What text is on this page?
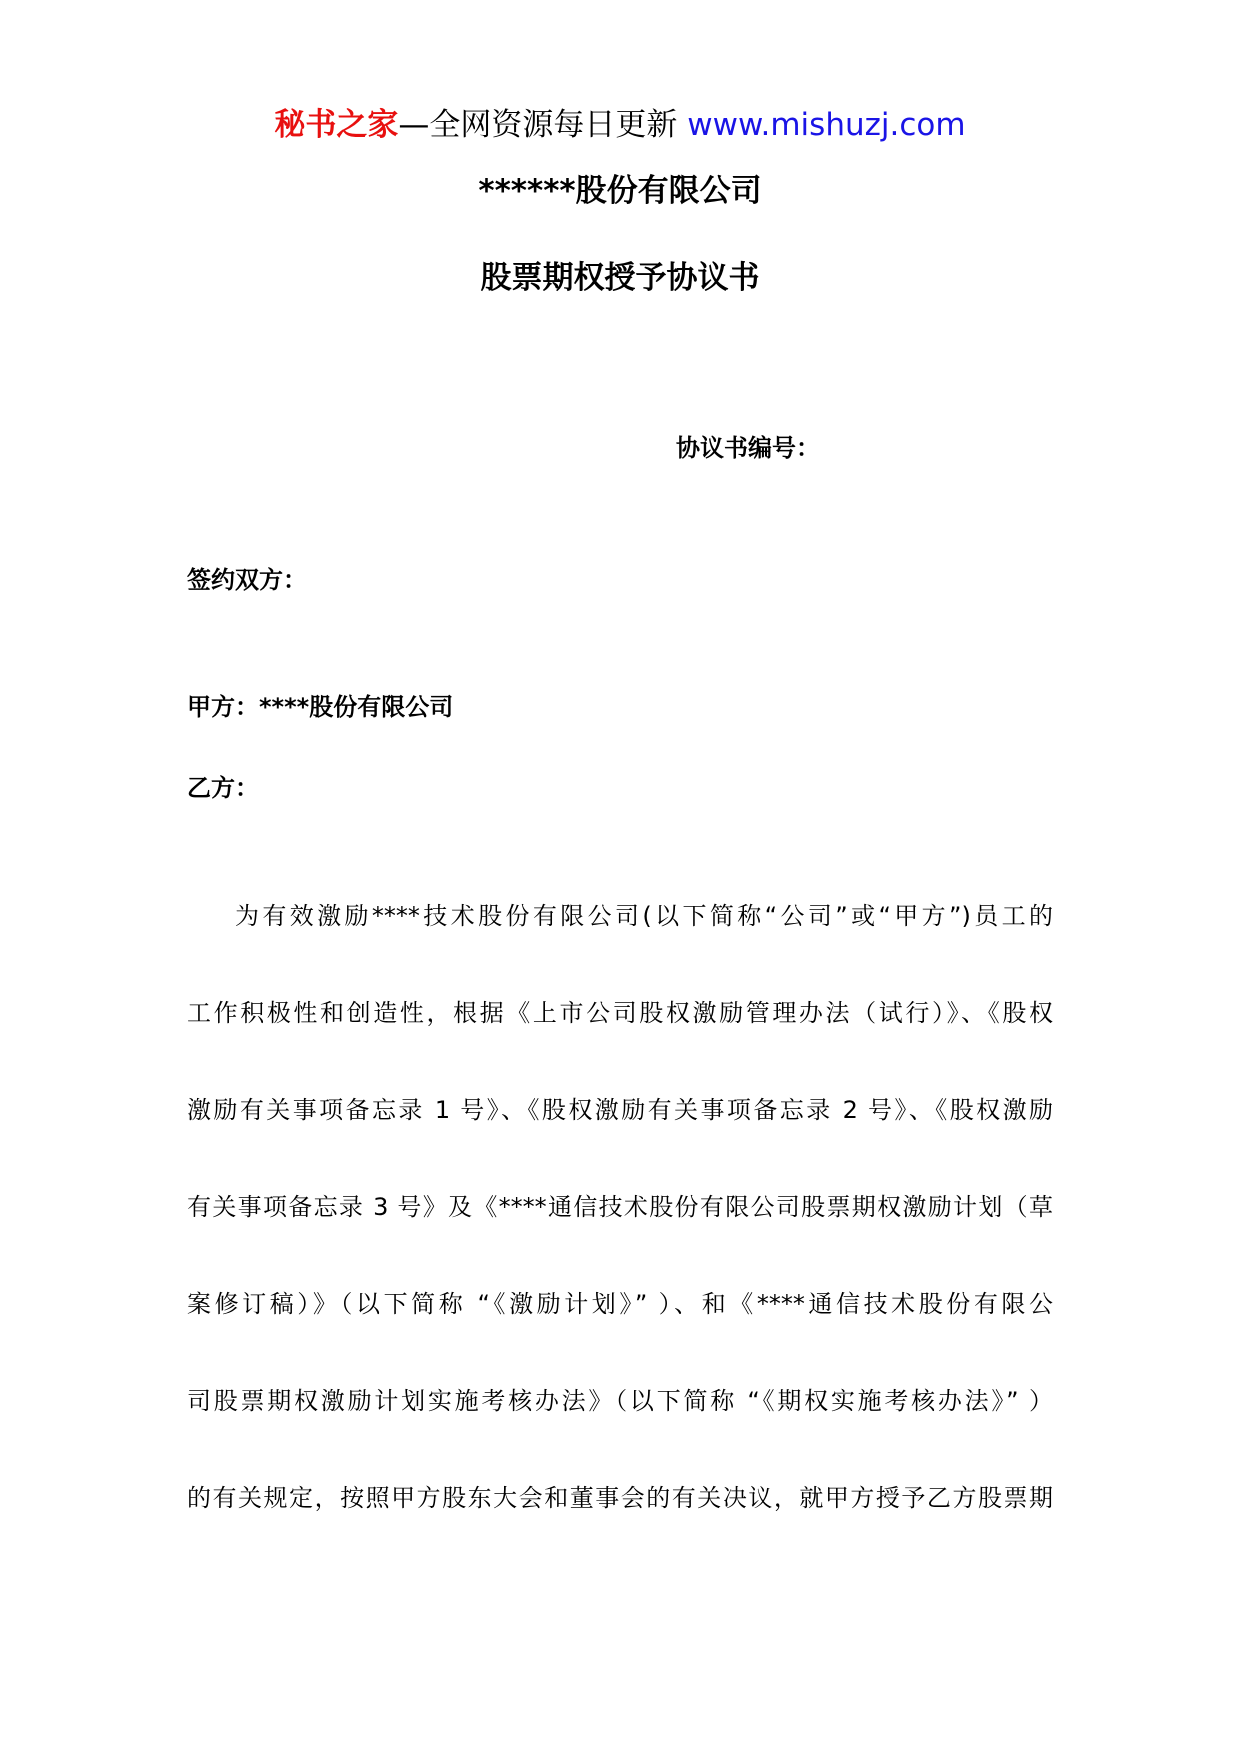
秘书之家—全网资源每日更新 www.mishuzj.com
******股份有限公司
股票期权授予协议书
协议书编号：
签约双方：
甲方：****股份有限公司
乙方：
为有效激励****技术股份有限公司(以下简称“公司”或“甲方”)员工的
工作积极性和创造性，根据《上市公司股权激励管理办法（试行）》、《股权
激励有关事项备忘录 1 号》、《股权激励有关事项备忘录 2 号》、《股权激励
有关事项备忘录 3 号》及《****通信技术股份有限公司股票期权激励计划（草
案修订稿）》（以下简称 “《激励计划》” ）、和《****通信技术股份有限公
司股票期权激励计划实施考核办法》（以下简称 “《期权实施考核办法》” ）
的有关规定，按照甲方股东大会和董事会的有关决议，就甲方授予乙方股票期
